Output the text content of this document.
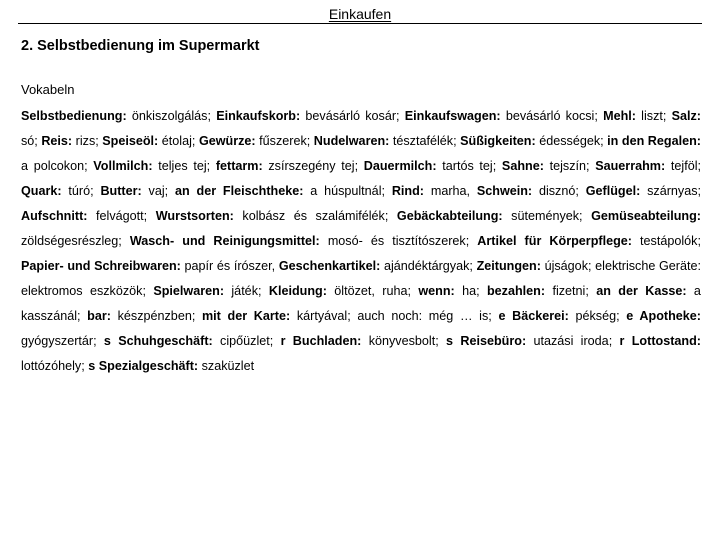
Einkaufen
2. Selbstbedienung im Supermarkt
Vokabeln
Selbstbedienung: önkiszolgálás; Einkaufskorb: bevásárló kosár; Einkaufswagen: bevásárló kocsi; Mehl: liszt; Salz: só; Reis: rizs; Speiseöl: étolaj; Gewürze: fűszerek; Nudelwaren: tésztafélék; Süßigkeiten: édességek; in den Regalen: a polcokon; Vollmilch: teljes tej; fettarm: zsírszegény tej; Dauermilch: tartós tej; Sahne: tejszín; Sauerrahm: tejföl; Quark: túró; Butter: vaj; an der Fleischtheke: a húspultnál; Rind: marha, Schwein: disznó; Geflügel: szárnyas; Aufschnitt: felvágott; Wurstsorten: kolbász és szalámifélék; Gebäckabteilung: sütemények; Gemüseabteilung: zöldségesrészleg; Wasch- und Reinigungsmittel: mosó- és tisztítószerek; Artikel für Körperpflege: testápolók; Papier- und Schreibwaren: papír és írószer, Geschenkartikel: ajándéktárgyak; Zeitungen: újságok; elektrische Geräte: elektromos eszközök; Spielwaren: játék; Kleidung: öltözet, ruha; wenn: ha; bezahlen: fizetni; an der Kasse: a kasszánál; bar: készpénzben; mit der Karte: kártyával; auch noch: még … is; e Bäckerei: pékség; e Apotheke: gyógyszertár; s Schuhgeschäft: cipőüzlet; r Buchladen: könyvesbolt; s Reisebüro: utazási iroda; r Lottostand: lottózóhely; s Spezialgeschäft: szaküzlet
